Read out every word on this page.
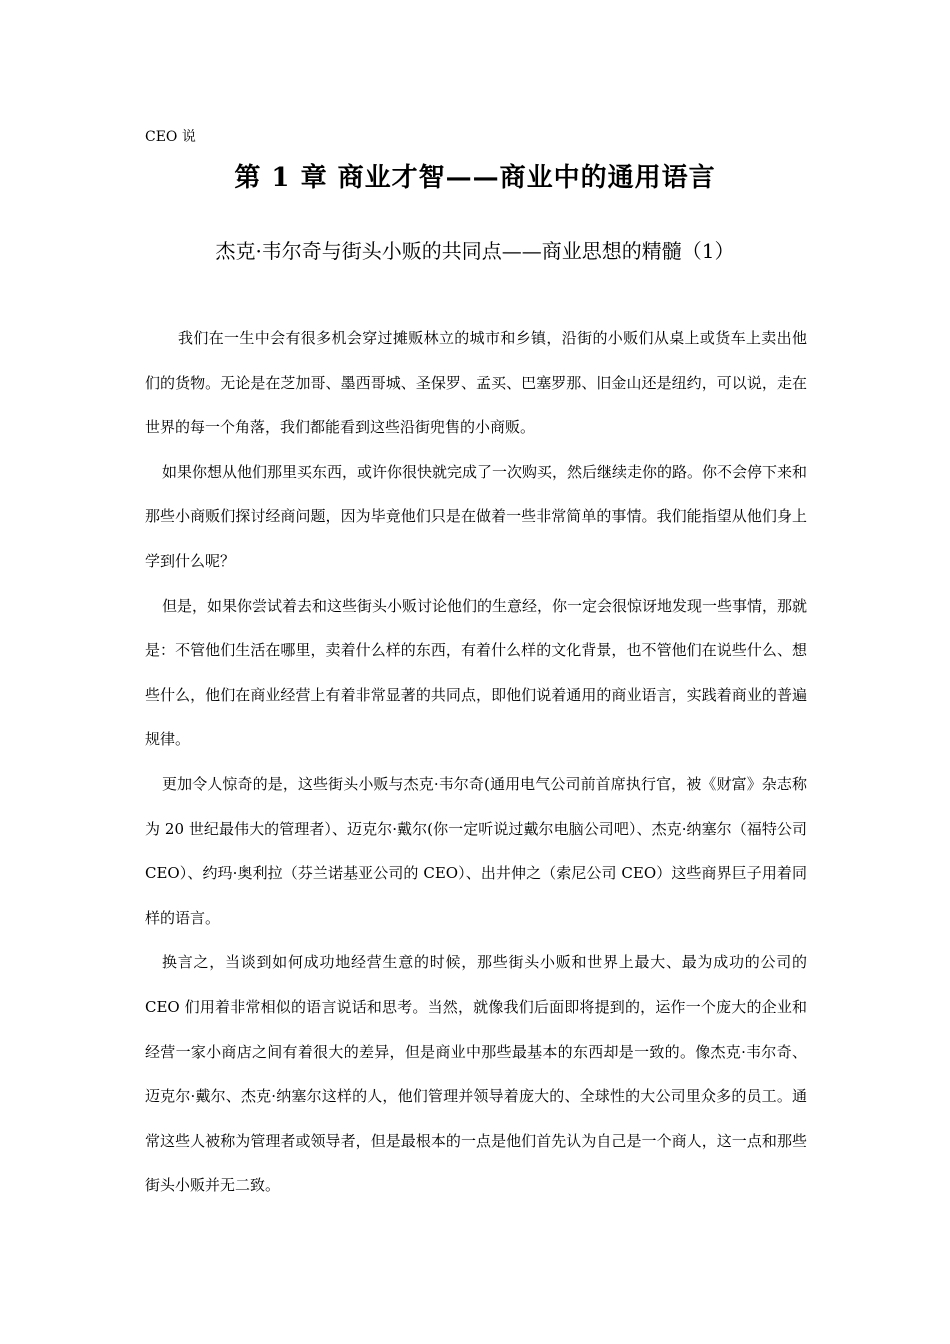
CEO 说
第 1 章 商业才智——商业中的通用语言
杰克·韦尔奇与街头小贩的共同点——商业思想的精髓（1）

我们在一生中会有很多机会穿过摊贩林立的城市和乡镇，沿街的小贩们从桌上或货车上卖出他们的货物。无论是在芝加哥、墨西哥城、圣保罗、孟买、巴塞罗那、旧金山还是纽约，可以说，走在世界的每一个角落，我们都能看到这些沿街兜售的小商贩。

如果你想从他们那里买东西，或许你很快就完成了一次购买，然后继续走你的路。你不会停下来和那些小商贩们探讨经商问题，因为毕竟他们只是在做着一些非常简单的事情。我们能指望从他们身上学到什么呢？

但是，如果你尝试着去和这些街头小贩讨论他们的生意经，你一定会很惊讶地发现一些事情，那就是：不管他们生活在哪里，卖着什么样的东西，有着什么样的文化背景，也不管他们在说些什么、想些什么，他们在商业经营上有着非常显著的共同点，即他们说着通用的商业语言，实践着商业的普遍规律。

更加令人惊奇的是，这些街头小贩与杰克·韦尔奇(通用电气公司前首席执行官，被《财富》杂志称为 20 世纪最伟大的管理者）、迈克尔·戴尔(你一定听说过戴尔电脑公司吧）、杰克·纳塞尔（福特公司 CEO）、约玛·奥利拉（芬兰诺基亚公司的 CEO）、出井伸之（索尼公司 CEO）这些商界巨子用着同样的语言。

换言之，当谈到如何成功地经营生意的时候，那些街头小贩和世界上最大、最为成功的公司的 CEO 们用着非常相似的语言说话和思考。当然，就像我们后面即将提到的，运作一个庞大的企业和经营一家小商店之间有着很大的差异，但是商业中那些最基本的东西却是一致的。像杰克·韦尔奇、迈克尔·戴尔、杰克·纳塞尔这样的人，他们管理并领导着庞大的、全球性的大公司里众多的员工。通常这些人被称为管理者或领导者，但是最根本的一点是他们首先认为自己是一个商人，这一点和那些街头小贩并无二致。
